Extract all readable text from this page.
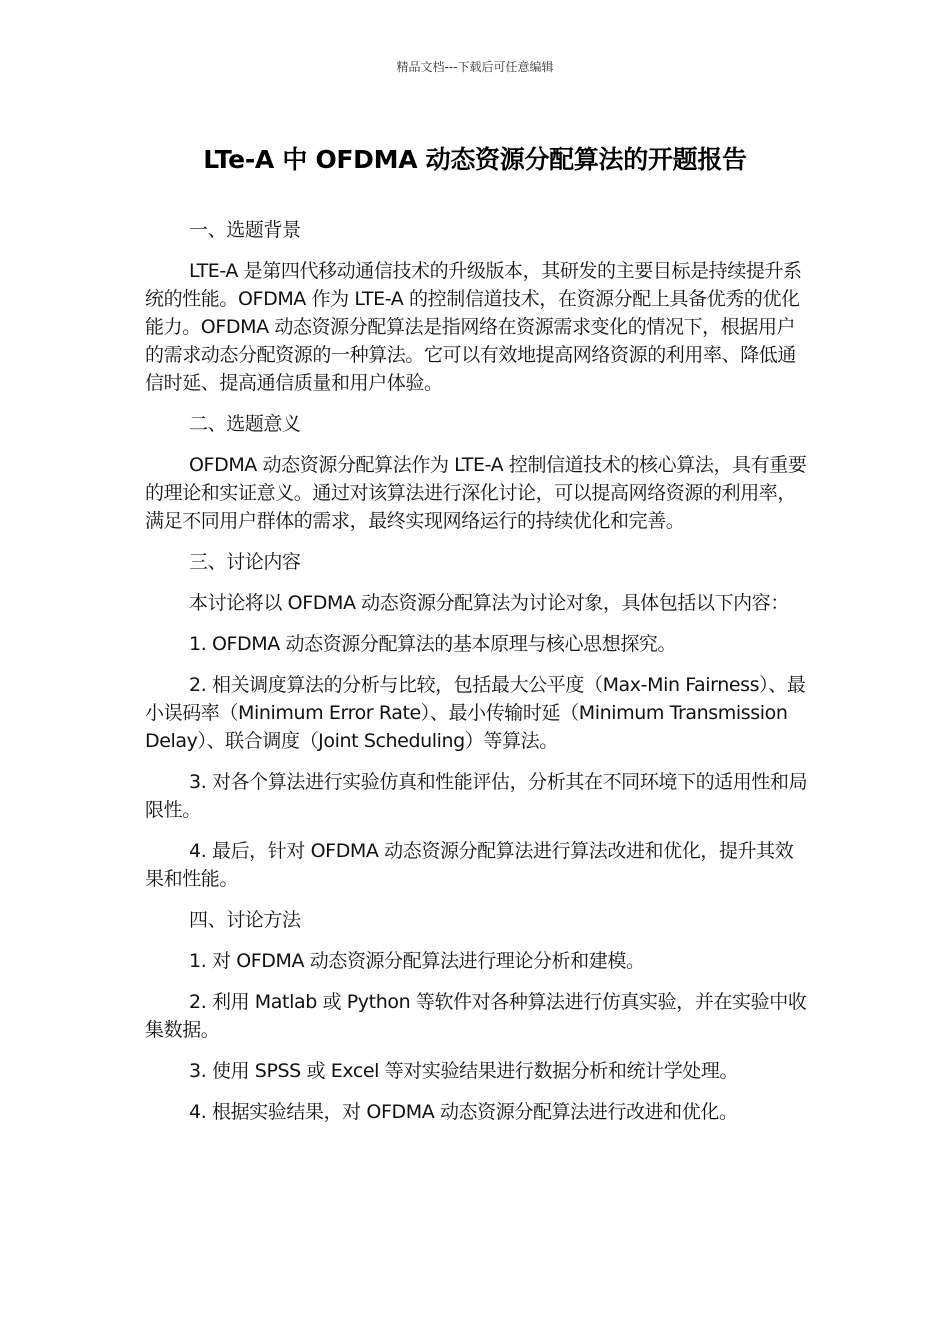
精品文档---下载后可任意编辑
LTe-A 中 OFDMA 动态资源分配算法的开题报告

一、选题背景

LTE-A 是第四代移动通信技术的升级版本，其研发的主要目标是持续提升系统的性能。OFDMA 作为 LTE-A 的控制信道技术，在资源分配上具备优秀的优化能力。OFDMA 动态资源分配算法是指网络在资源需求变化的情况下，根据用户的需求动态分配资源的一种算法。它可以有效地提高网络资源的利用率、降低通信时延、提高通信质量和用户体验。

二、选题意义

OFDMA 动态资源分配算法作为 LTE-A 控制信道技术的核心算法，具有重要的理论和实证意义。通过对该算法进行深化讨论，可以提高网络资源的利用率，满足不同用户群体的需求，最终实现网络运行的持续优化和完善。

三、讨论内容

本讨论将以 OFDMA 动态资源分配算法为讨论对象，具体包括以下内容：

1. OFDMA 动态资源分配算法的基本原理与核心思想探究。

2. 相关调度算法的分析与比较，包括最大公平度（Max-Min Fairness）、最小误码率（Minimum Error Rate）、最小传输时延（Minimum Transmission Delay）、联合调度（Joint Scheduling）等算法。

3. 对各个算法进行实验仿真和性能评估，分析其在不同环境下的适用性和局限性。

4. 最后，针对 OFDMA 动态资源分配算法进行算法改进和优化，提升其效果和性能。

四、讨论方法

1. 对 OFDMA 动态资源分配算法进行理论分析和建模。

2. 利用 Matlab 或 Python 等软件对各种算法进行仿真实验，并在实验中收集数据。

3. 使用 SPSS 或 Excel 等对实验结果进行数据分析和统计学处理。

4. 根据实验结果，对 OFDMA 动态资源分配算法进行改进和优化。
